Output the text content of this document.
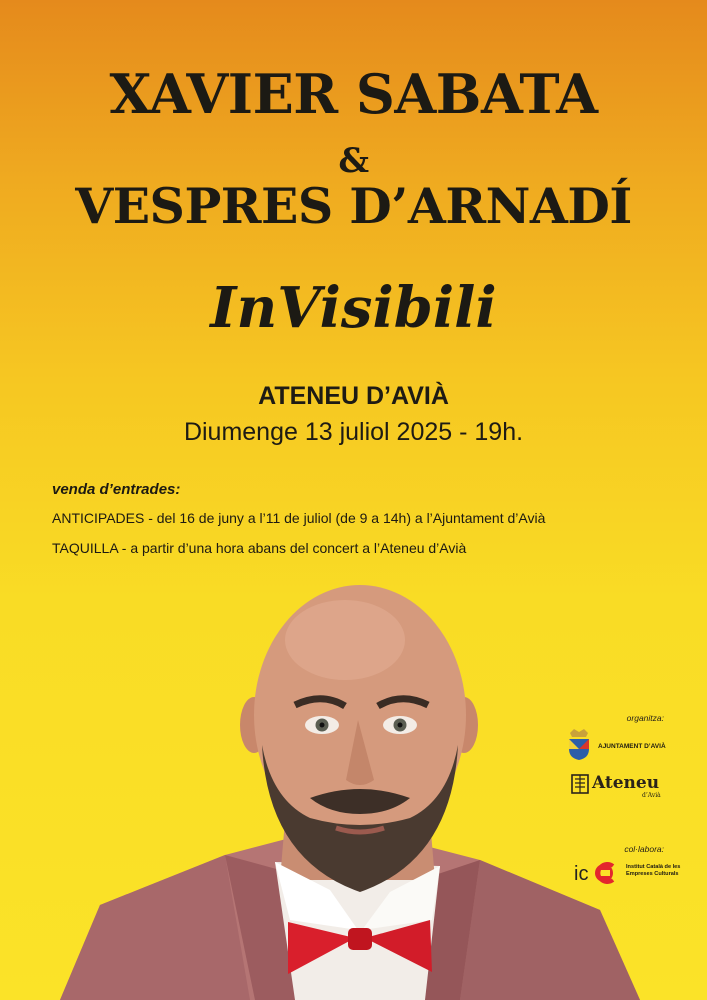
XAVIER SABATA
&
VESPRES D’ARNADÍ
InVisibili
ATENEU D’AVIÀ
Diumenge 13 juliol 2025 - 19h.
venda d’entrades:
ANTICIPADES - del 16 de juny a l’11 de juliol (de 9 a 14h) a l’Ajuntament d’Avià
TAQUILLA - a partir d’una hora abans del concert a l’Ateneu d’Avià
organitza:
AJUNTAMENT D’AVIÀ
Ateneu
d’Avià
col·labora:
ic	Institut Català de les Empreses Culturals
